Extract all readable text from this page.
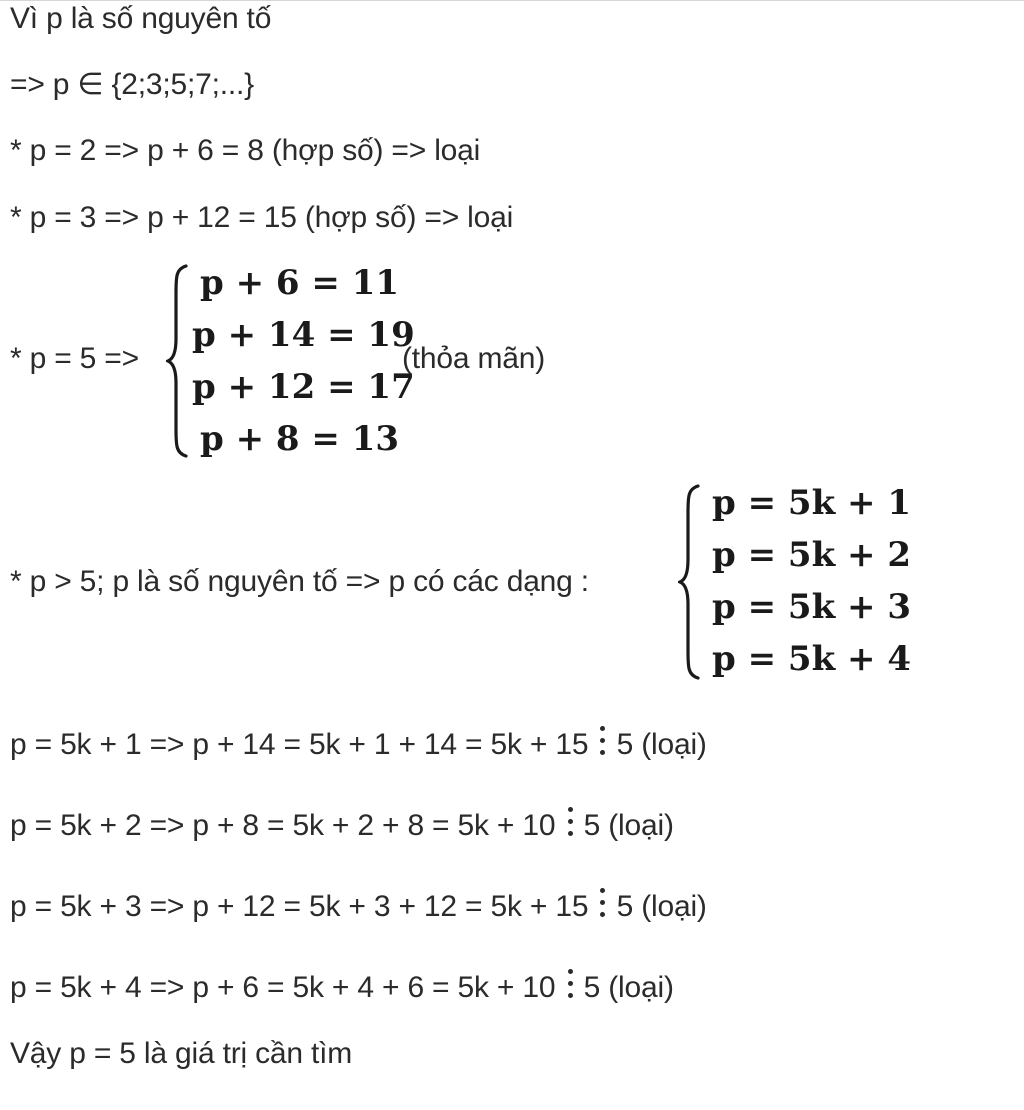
Vì p là số nguyên tố
=> p ∈ {2;3;5;7;...}
* p = 2 => p + 6 = 8 (hợp số) => loại
* p = 3 => p + 12 = 15 (hợp số) => loại
* p = 5 =>
p + 6 = 11
p + 14 = 19
p + 12 = 17
p + 8 = 13
(thỏa mãn)
* p > 5; p là số nguyên tố => p có các dạng :
p = 5k + 1
p = 5k + 2
p = 5k + 3
p = 5k + 4
p = 5k + 1 => p + 14 = 5k + 1 + 14 = 5k + 15 5 (loại)
p = 5k + 2 => p + 8 = 5k + 2 + 8 = 5k + 10 5 (loại)
p = 5k + 3 => p + 12 = 5k + 3 + 12 = 5k + 15 5 (loại)
p = 5k + 4 => p + 6 = 5k + 4 + 6 = 5k + 10 5 (loại)
Vậy p = 5 là giá trị cần tìm
